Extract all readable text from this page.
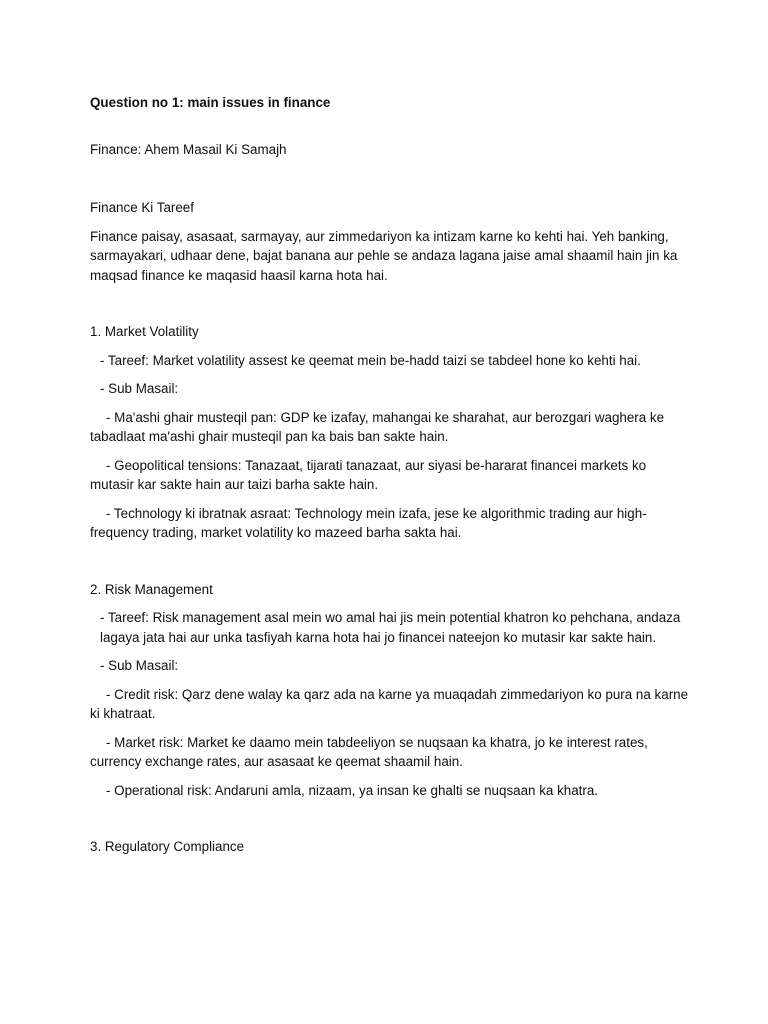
Question no 1: main issues in finance

Finance: Ahem Masail Ki Samajh

Finance Ki Tareef

Finance paisay, asasaat, sarmayay, aur zimmedariyon ka intizam karne ko kehti hai. Yeh banking, sarmayakari, udhaar dene, bajat banana aur pehle se andaza lagana jaise amal shaamil hain jin ka maqsad finance ke maqasid haasil karna hota hai.

1. Market Volatility

- Tareef: Market volatility assest ke qeemat mein be-hadd taizi se tabdeel hone ko kehti hai.

- Sub Masail:

- Ma'ashi ghair musteqil pan: GDP ke izafay, mahangai ke sharahat, aur berozgari waghera ke tabadlaat ma'ashi ghair musteqil pan ka bais ban sakte hain.

- Geopolitical tensions: Tanazaat, tijarati tanazaat, aur siyasi be-hararat financei markets ko mutasir kar sakte hain aur taizi barha sakte hain.

- Technology ki ibratnak asraat: Technology mein izafa, jese ke algorithmic trading aur high-frequency trading, market volatility ko mazeed barha sakta hai.

2. Risk Management

- Tareef: Risk management asal mein wo amal hai jis mein potential khatron ko pehchana, andaza lagaya jata hai aur unka tasfiyah karna hota hai jo financei nateejon ko mutasir kar sakte hain.

- Sub Masail:

- Credit risk: Qarz dene walay ka qarz ada na karne ya muaqadah zimmedariyon ko pura na karne ki khatraat.

- Market risk: Market ke daamo mein tabdeeliyon se nuqsaan ka khatra, jo ke interest rates, currency exchange rates, aur asasaat ke qeemat shaamil hain.

- Operational risk: Andaruni amla, nizaam, ya insan ke ghalti se nuqsaan ka khatra.

3. Regulatory Compliance
